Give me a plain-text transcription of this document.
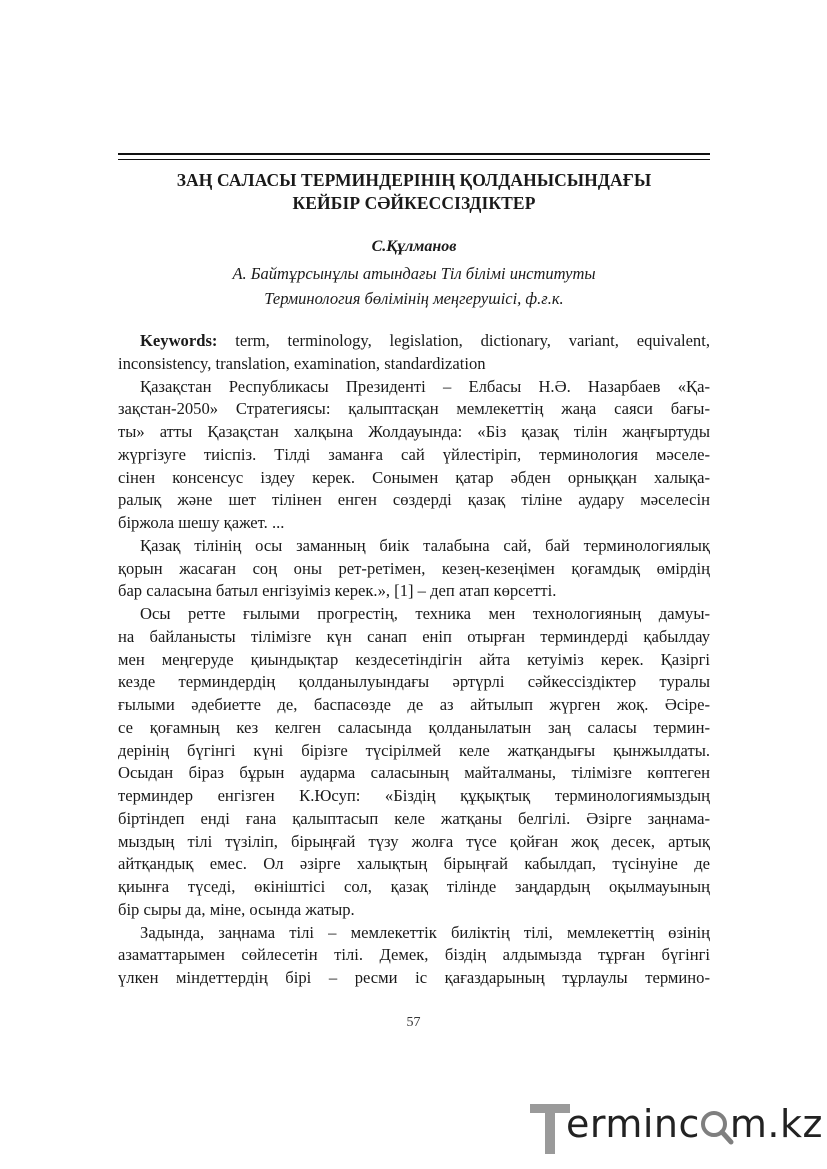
ЗАҢ САЛАСЫ ТЕРМИНДЕРІНІҢ ҚОЛДАНЫСЫНДАҒЫ
КЕЙБІР СӘЙКЕССІЗДІКТЕР

С.Құлманов

А. Байтұрсынұлы атындағы Тіл білімі институты
Терминология бөлімінің меңгерушісі, ф.ғ.к.

Keywords: term, terminology, legislation, dictionary, variant, equivalent,
inconsistency, translation, examination, standardization
Қазақстан Республикасы Президенті – Елбасы Н.Ә. Назарбаев «Қа-
зақстан-2050» Стратегиясы: қалыптасқан мемлекеттің жаңа саяси бағы-
ты» атты Қазақстан халқына Жолдауында: «Біз қазақ тілін жаңғыртуды
жүргізуге тиіспіз. Тілді заманға сай үйлестіріп, терминология мәселе-
сінен консенсус іздеу керек. Сонымен қатар әбден орныққан халықа-
ралық және шет тілінен енген сөздерді қазақ тіліне аудару мәселесін
біржола шешу қажет. ...
Қазақ тілінің осы заманның биік талабына сай, бай терминологиялық
қорын жасаған соң оны рет-ретімен, кезең-кезеңімен қоғамдық өмірдің
бар саласына батыл енгізуіміз керек.», [1] – деп атап көрсетті.
Осы ретте ғылыми прогрестің, техника мен технологияның дамуы-
на байланысты тілімізге күн санап еніп отырған терминдерді қабылдау
мен меңгеруде қиындықтар кездесетіндігін айта кетуіміз керек. Қазіргі
кезде терминдердің қолданылуындағы әртүрлі сәйкессіздіктер туралы
ғылыми әдебиетте де, баспасөзде де аз айтылып жүрген жоқ. Әсіре-
се қоғамның кез келген саласында қолданылатын заң саласы термин-
дерінің бүгінгі күні бірізге түсірілмей келе жатқандығы қынжылдаты.
Осыдан біраз бұрын аударма саласының майталманы, тілімізге көптеген
терминдер енгізген К.Юсуп: «Біздің құқықтық терминологиямыздың
біртіндеп енді ғана қалыптасып келе жатқаны белгілі. Әзірге заңнама-
мыздың тілі түзіліп, бірыңғай түзу жолға түсе қойған жоқ десек, артық
айтқандық емес. Ол әзірге халықтың бірыңғай кабылдап, түсінуіне де
қиынға түседі, өкініштісі сол, қазақ тілінде заңдардың оқылмауының
бір сыры да, міне, осында жатыр.
Задында, заңнама тілі – мемлекеттік биліктің тілі, мемлекеттің өзінің
азаматтарымен сөйлесетін тілі. Демек, біздің алдымызда тұрған бүгінгі
үлкен міндеттердің бірі – ресми іс қағаздарының тұрлаулы термино-
57
erminc m.kz
